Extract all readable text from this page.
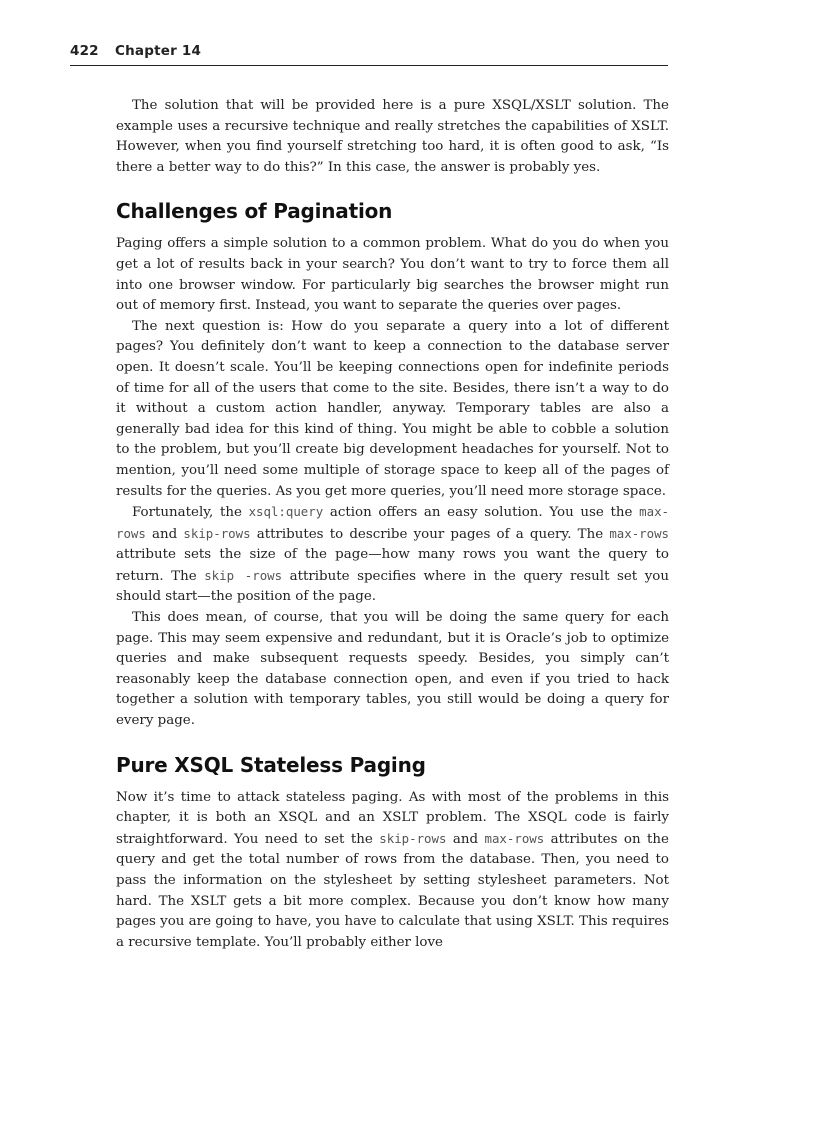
422 Chapter 14

The solution that will be provided here is a pure XSQL/XSLT solution. The example uses a recursive technique and really stretches the capabilities of XSLT. However, when you find yourself stretching too hard, it is often good to ask, “Is there a better way to do this?” In this case, the answer is probably yes.

Challenges of Pagination

Paging offers a simple solution to a common problem. What do you do when you get a lot of results back in your search? You don’t want to try to force them all into one browser window. For particularly big searches the browser might run out of memory first. Instead, you want to separate the queries over pages.

The next question is: How do you separate a query into a lot of different pages? You definitely don’t want to keep a connection to the database server open. It doesn’t scale. You’ll be keeping connections open for indefinite periods of time for all of the users that come to the site. Besides, there isn’t a way to do it without a custom action handler, anyway. Temporary tables are also a generally bad idea for this kind of thing. You might be able to cobble a solution to the problem, but you’ll create big development headaches for yourself. Not to mention, you’ll need some multiple of storage space to keep all of the pages of results for the queries. As you get more queries, you’ll need more storage space.

Fortunately, the xsql:query action offers an easy solution. You use the max-rows and skip-rows attributes to describe your pages of a query. The max-rows attribute sets the size of the page—how many rows you want the query to return. The skip -rows attribute specifies where in the query result set you should start—the position of the page.

This does mean, of course, that you will be doing the same query for each page. This may seem expensive and redundant, but it is Oracle’s job to optimize queries and make subsequent requests speedy. Besides, you simply can’t reasonably keep the database connection open, and even if you tried to hack together a solution with temporary tables, you still would be doing a query for every page.

Pure XSQL Stateless Paging

Now it’s time to attack stateless paging. As with most of the problems in this chapter, it is both an XSQL and an XSLT problem. The XSQL code is fairly straightforward. You need to set the skip-rows and max-rows attributes on the query and get the total number of rows from the database. Then, you need to pass the information on the stylesheet by setting stylesheet parameters. Not hard. The XSLT gets a bit more complex. Because you don’t know how many pages you are going to have, you have to calculate that using XSLT. This requires a recursive template. You’ll probably either love
